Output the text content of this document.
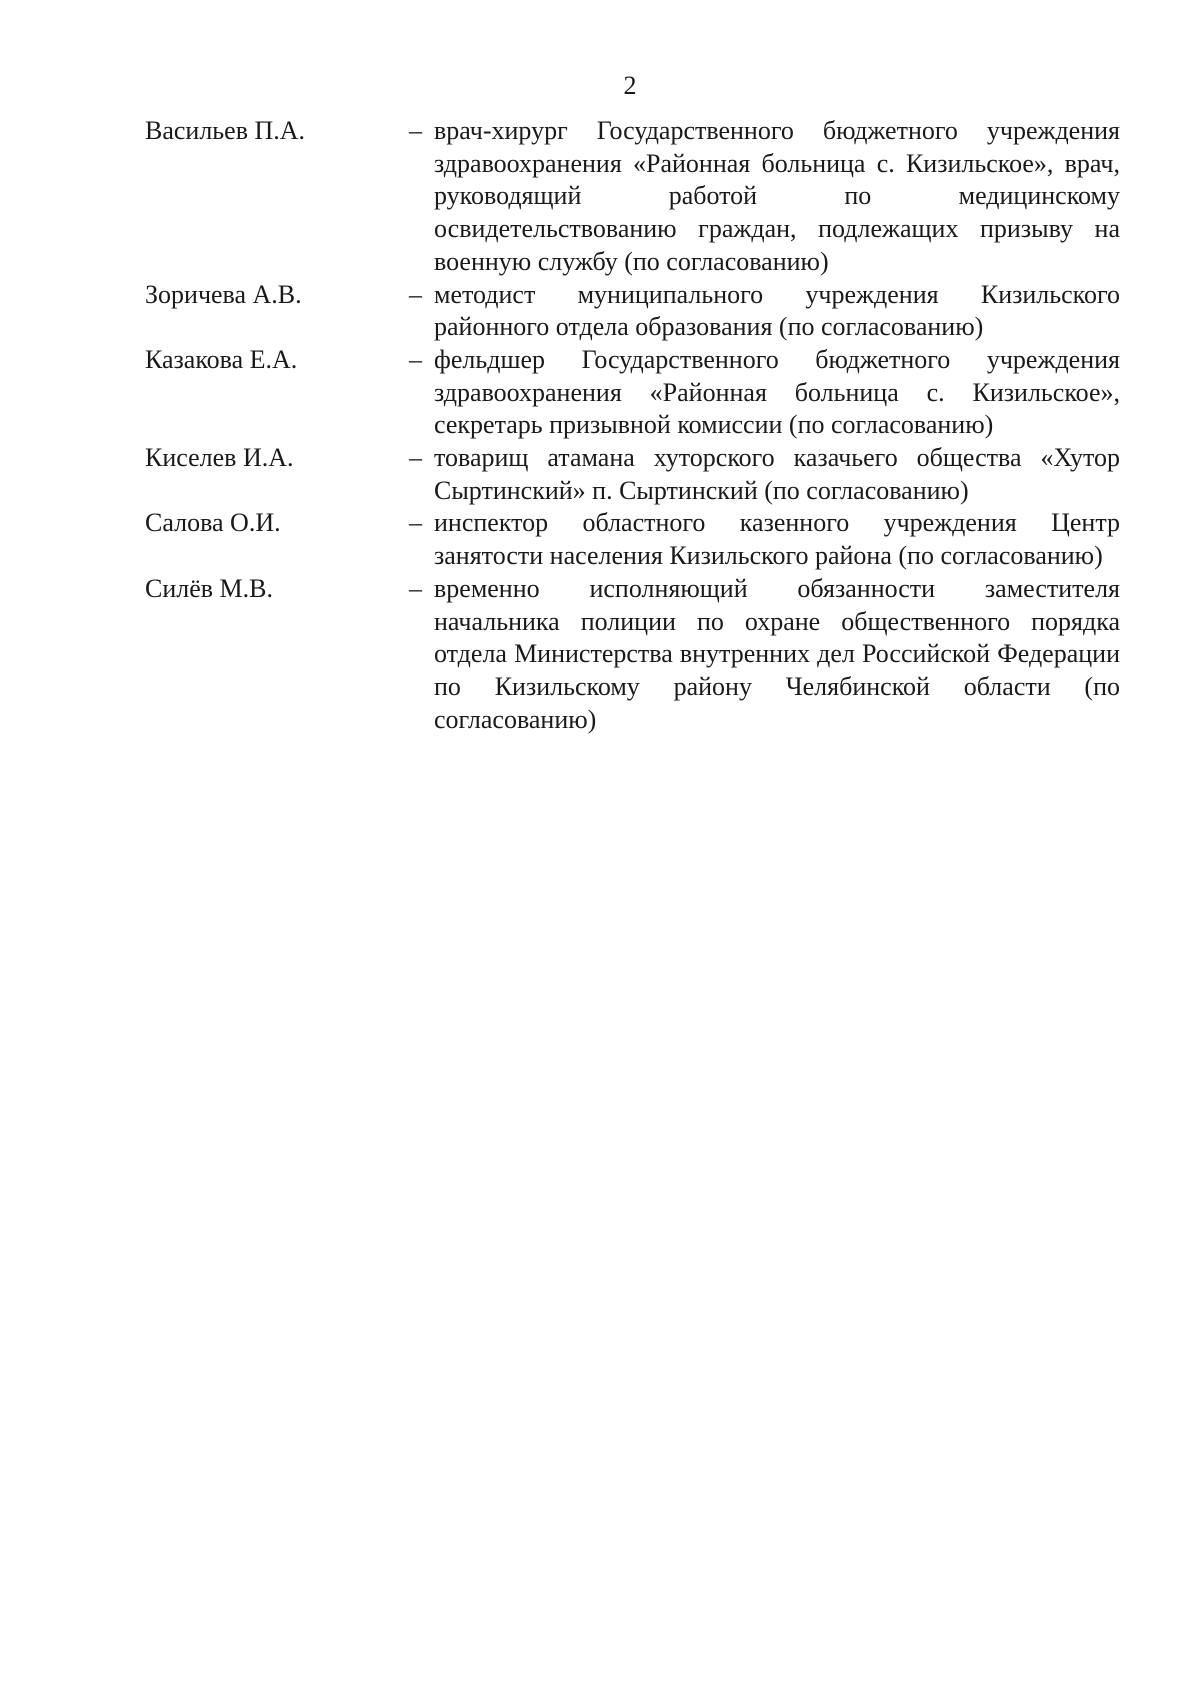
2
Васильев П.А.	– врач-хирург Государственного бюджетного учреждения здравоохранения «Районная больница с. Кизильское», врач, руководящий работой по медицинскому освидетельствованию граждан, подлежащих призыву на военную службу (по согласованию)
Зоричева А.В.	– методист муниципального учреждения Кизильского районного отдела образования (по согласованию)
Казакова Е.А.	– фельдшер Государственного бюджетного учреждения здравоохранения «Районная больница с. Кизильское», секретарь призывной комиссии (по согласованию)
Киселев И.А.	– товарищ атамана хуторского казачьего общества «Хутор Сыртинский» п. Сыртинский (по согласованию)
Салова О.И.	– инспектор областного казенного учреждения Центр занятости населения Кизильского района (по согласованию)
Силёв М.В.	– временно исполняющий обязанности заместителя начальника полиции по охране общественного порядка отдела Министерства внутренних дел Российской Федерации по Кизильскому району Челябинской области (по согласованию)
